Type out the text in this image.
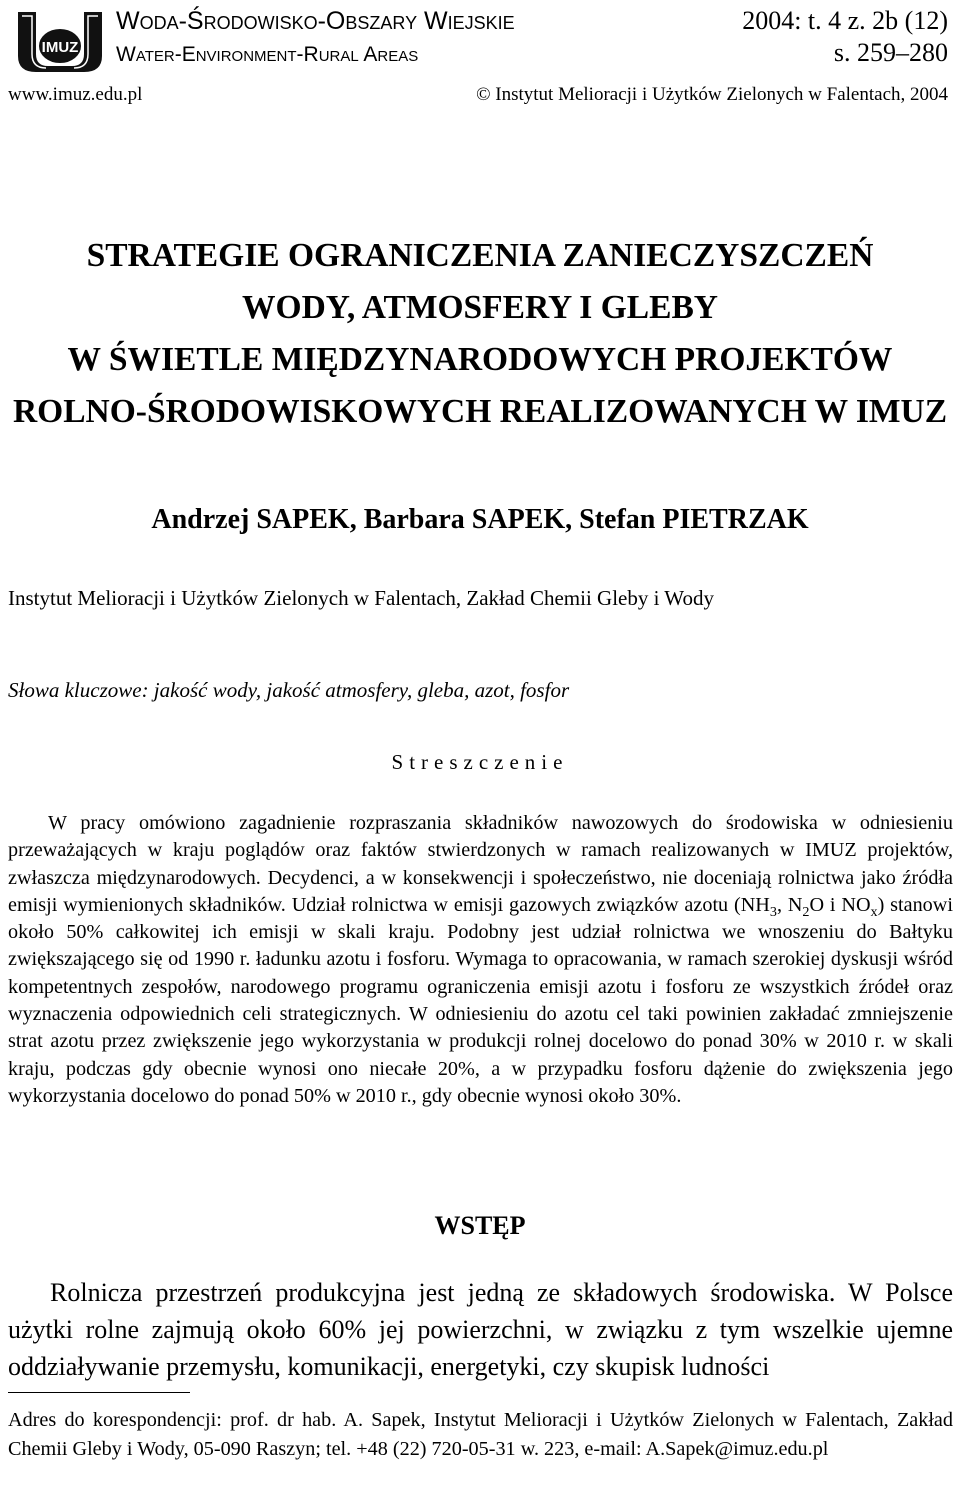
IMUZ
Woda-Środowisko-Obszary Wiejskie
Water-Environment-Rural Areas
2004: t. 4 z. 2b (12)
s. 259–280
www.imuz.edu.pl	© Instytut Melioracji i Użytków Zielonych w Falentach, 2004
STRATEGIE OGRANICZENIA ZANIECZYSZCZEŃ
WODY, ATMOSFERY I GLEBY
W ŚWIETLE MIĘDZYNARODOWYCH PROJEKTÓW
ROLNO-ŚRODOWISKOWYCH REALIZOWANYCH W IMUZ
Andrzej SAPEK, Barbara SAPEK, Stefan PIETRZAK
Instytut Melioracji i Użytków Zielonych w Falentach, Zakład Chemii Gleby i Wody
Słowa kluczowe: jakość wody, jakość atmosfery, gleba, azot, fosfor
Streszczenie
W pracy omówiono zagadnienie rozpraszania składników nawozowych do środowiska w odniesieniu przeważających w kraju poglądów oraz faktów stwierdzonych w ramach realizowanych w IMUZ projektów, zwłaszcza międzynarodowych. Decydenci, a w konsekwencji i społeczeństwo, nie doceniają rolnictwa jako źródła emisji wymienionych składników. Udział rolnictwa w emisji gazowych związków azotu ($NH_3$, $N_2O$ i $NO_x$) stanowi około 50% całkowitej ich emisji w skali kraju. Podobny jest udział rolnictwa we wnoszeniu do Bałtyku zwiększającego się od 1990 r. ładunku azotu i fosforu. Wymaga to opracowania, w ramach szerokiej dyskusji wśród kompetentnych zespołów, narodowego programu ograniczenia emisji azotu i fosforu ze wszystkich źródeł oraz wyznaczenia odpowiednich celi strategicznych. W odniesieniu do azotu cel taki powinien zakładać zmniejszenie strat azotu przez zwiększenie jego wykorzystania w produkcji rolnej docelowo do ponad 30% w 2010 r. w skali kraju, podczas gdy obecnie wynosi ono niecałe 20%, a w przypadku fosforu dążenie do zwiększenia jego wykorzystania docelowo do ponad 50% w 2010 r., gdy obecnie wynosi około 30%.
WSTĘP
Rolnicza przestrzeń produkcyjna jest jedną ze składowych środowiska. W Polsce użytki rolne zajmują około 60% jej powierzchni, w związku z tym wszelkie ujemne oddziaływanie przemysłu, komunikacji, energetyki, czy skupisk ludności
Adres do korespondencji: prof. dr hab. A. Sapek, Instytut Melioracji i Użytków Zielonych w Falentach, Zakład Chemii Gleby i Wody, 05-090 Raszyn; tel. +48 (22) 720-05-31 w. 223, e-mail: A.Sapek@imuz.edu.pl
